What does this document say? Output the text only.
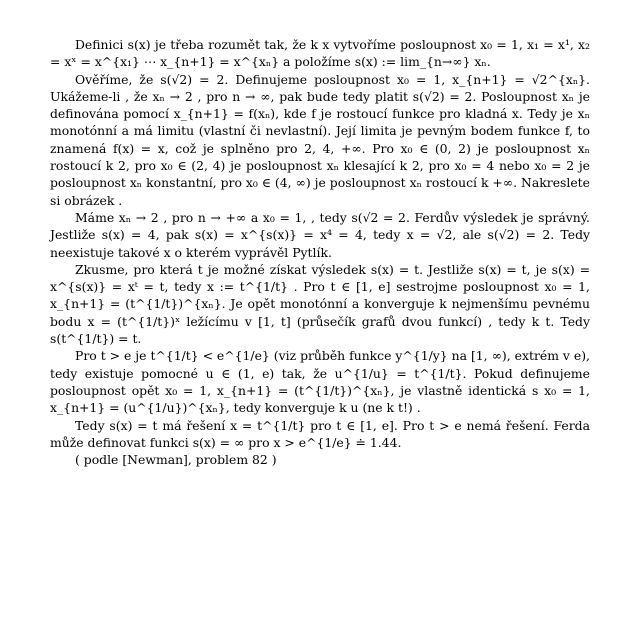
Definici s(x) je třeba rozumět tak, že k x vytvoříme posloupnost x₀ = 1, x₁ = x¹, x₂ = xˣ = x^{x₁} ⋯ x_{n+1} = x^{xₙ} a položíme s(x) := lim_{n→∞} xₙ.

Ověříme, že s(√2) = 2. Definujeme posloupnost x₀ = 1, x_{n+1} = √2^{xₙ}. Ukážeme-li , že xₙ → 2 , pro n → ∞, pak bude tedy platit s(√2) = 2. Posloupnost xₙ je definována pomocí x_{n+1} = f(xₙ), kde f je rostoucí funkce pro kladná x. Tedy je xₙ monotónní a má limitu (vlastní či nevlastní). Její limita je pevným bodem funkce f, to znamená f(x) = x, což je splněno pro 2, 4, +∞. Pro x₀ ∈ (0, 2) je posloupnost xₙ rostoucí k 2, pro x₀ ∈ (2, 4) je posloupnost xₙ klesající k 2, pro x₀ = 4 nebo x₀ = 2 je posloupnost xₙ konstantní, pro x₀ ∈ (4, ∞) je posloupnost xₙ rostoucí k +∞. Nakreslete si obrázek .

Máme xₙ → 2 , pro n → +∞ a x₀ = 1, , tedy s(√2 = 2. Ferdův výsledek je správný. Jestliže s(x) = 4, pak s(x) = x^{s(x)} = x⁴ = 4, tedy x = √2, ale s(√2) = 2. Tedy neexistuje takové x o kterém vyprávěl Pytlík.

Zkusme, pro která t je možné získat výsledek s(x) = t. Jestliže s(x) = t, je s(x) = x^{s(x)} = xᵗ = t, tedy x := t^{1/t} . Pro t ∈ [1, e] sestrojme posloupnost x₀ = 1, x_{n+1} = (t^{1/t})^{xₙ}. Je opět monotónní a konverguje k nejmenšímu pevnému bodu x = (t^{1/t})ˣ ležícímu v [1, t] (průsečík grafů dvou funkcí) , tedy k t. Tedy s(t^{1/t}) = t.

Pro t > e je t^{1/t} < e^{1/e} (viz průběh funkce y^{1/y} na [1, ∞), extrém v e), tedy existuje pomocné u ∈ (1, e) tak, že u^{1/u} = t^{1/t}. Pokud definujeme posloupnost opět x₀ = 1, x_{n+1} = (t^{1/t})^{xₙ}, je vlastně identická s x₀ = 1, x_{n+1} = (u^{1/u})^{xₙ}, tedy konverguje k u (ne k t!) .

Tedy s(x) = t má řešení x = t^{1/t} pro t ∈ [1, e]. Pro t > e nemá řešení. Ferda může definovat funkci s(x) = ∞ pro x > e^{1/e} ≐ 1.44.

( podle [Newman], problem 82 )
